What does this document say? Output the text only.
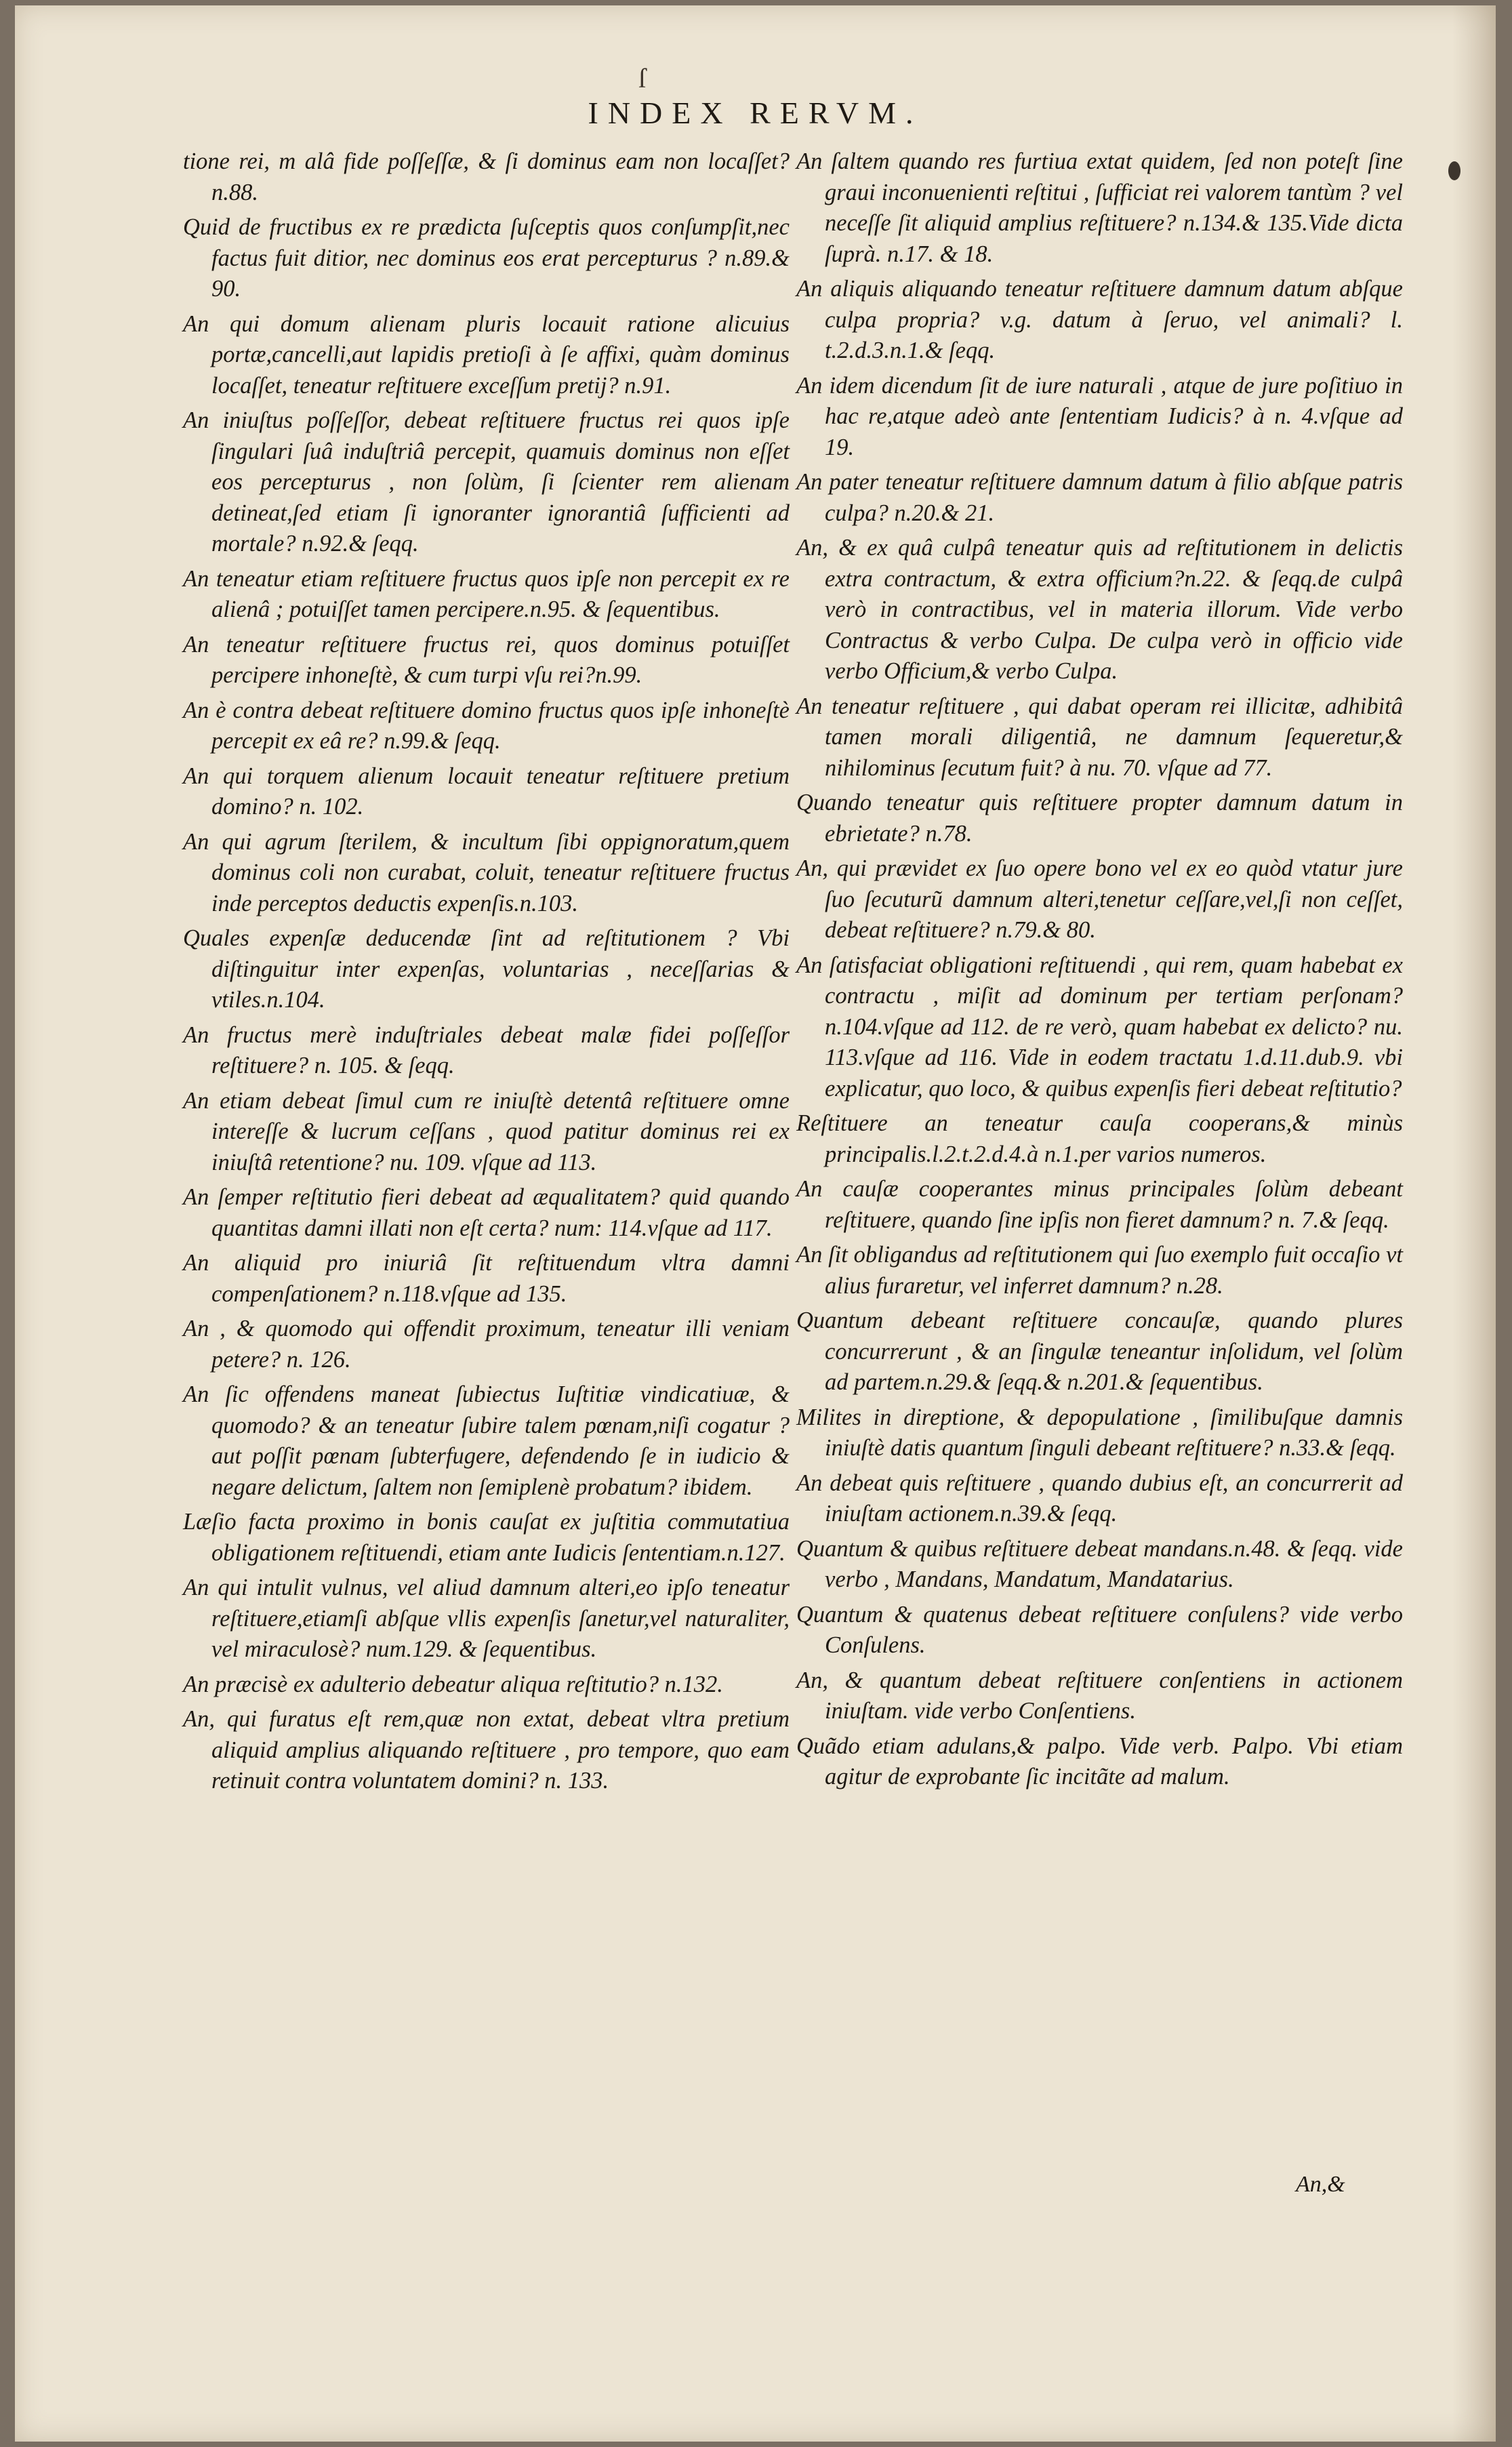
ſ
INDEX RERVM.

tione rei, m alâ fide poſſeſſæ, & ſi dominus eam non locaſſet? n.88.

Quid de fructibus ex re prædicta ſuſceptis quos conſumpſit,nec factus fuit ditior, nec dominus eos erat percepturus ? n.89.& 90.

An qui domum alienam pluris locauit ratione alicuius portæ,cancelli,aut lapidis pretioſi à ſe affixi, quàm dominus locaſſet, teneatur reſtituere exceſſum pretij? n.91.

An iniuſtus poſſeſſor, debeat reſtituere fructus rei quos ipſe ſingulari ſuâ induſtriâ percepit, quamuis dominus non eſſet eos percepturus , non ſolùm, ſi ſcienter rem alienam detineat,ſed etiam ſi ignoranter ignorantiâ ſufficienti ad mortale? n.92.& ſeqq.

An teneatur etiam reſtituere fructus quos ipſe non percepit ex re alienâ ; potuiſſet tamen percipere.n.95. & ſequentibus.

An teneatur reſtituere fructus rei, quos dominus potuiſſet percipere inhoneſtè, & cum turpi vſu rei?n.99.

An è contra debeat reſtituere domino fructus quos ipſe inhoneſtè percepit ex eâ re? n.99.& ſeqq.

An qui torquem alienum locauit teneatur reſtituere pretium domino? n. 102.

An qui agrum ſterilem, & incultum ſibi oppignoratum,quem dominus coli non curabat, coluit, teneatur reſtituere fructus inde perceptos deductis expenſis.n.103.

Quales expenſæ deducendæ ſint ad reſtitutionem ? Vbi diſtinguitur inter expenſas, voluntarias , neceſſarias & vtiles.n.104.

An fructus merè induſtriales debeat malæ fidei poſſeſſor reſtituere? n. 105. & ſeqq.

An etiam debeat ſimul cum re iniuſtè detentâ reſtituere omne intereſſe & lucrum ceſſans , quod patitur dominus rei ex iniuſtâ retentione? nu. 109. vſque ad 113.

An ſemper reſtitutio fieri debeat ad æqualitatem? quid quando quantitas damni illati non eſt certa? num: 114.vſque ad 117.

An aliquid pro iniuriâ ſit reſtituendum vltra damni compenſationem? n.118.vſque ad 135.

An , & quomodo qui offendit proximum, teneatur illi veniam petere? n. 126.

An ſic offendens maneat ſubiectus Iuſtitiæ vindicatiuæ, & quomodo? & an teneatur ſubire talem pœnam,niſi cogatur ? aut poſſit pœnam ſubterfugere, defendendo ſe in iudicio & negare delictum, ſaltem non ſemiplenè probatum? ibidem.

Læſio facta proximo in bonis cauſat ex juſtitia commutatiua obligationem reſtituendi, etiam ante Iudicis ſententiam.n.127.

An qui intulit vulnus, vel aliud damnum alteri,eo ipſo teneatur reſtituere,etiamſi abſque vllis expenſis ſanetur,vel naturaliter, vel miraculosè? num.129. & ſequentibus.

An præcisè ex adulterio debeatur aliqua reſtitutio? n.132.

An, qui furatus eſt rem,quæ non extat, debeat vltra pretium aliquid amplius aliquando reſtituere , pro tempore, quo eam retinuit contra voluntatem domini? n. 133.

An ſaltem quando res furtiua extat quidem, ſed non poteſt ſine graui inconuenienti reſtitui , ſufficiat rei valorem tantùm ? vel neceſſe ſit aliquid amplius reſtituere? n.134.& 135.Vide dicta ſuprà. n.17. & 18.

An aliquis aliquando teneatur reſtituere damnum datum abſque culpa propria? v.g. datum à ſeruo, vel animali? l. t.2.d.3.n.1.& ſeqq.

An idem dicendum ſit de iure naturali , atque de jure poſitiuo in hac re,atque adeò ante ſententiam Iudicis? à n. 4.vſque ad 19.

An pater teneatur reſtituere damnum datum à filio abſque patris culpa? n.20.& 21.

An, & ex quâ culpâ teneatur quis ad reſtitutionem in delictis extra contractum, & extra officium?n.22. & ſeqq.de culpâ verò in contractibus, vel in materia illorum. Vide verbo Contractus & verbo Culpa. De culpa verò in officio vide verbo Officium,& verbo Culpa.

An teneatur reſtituere , qui dabat operam rei illicitæ, adhibitâ tamen morali diligentiâ, ne damnum ſequeretur,& nihilominus ſecutum fuit? à nu. 70. vſque ad 77.

Quando teneatur quis reſtituere propter damnum datum in ebrietate? n.78.

An, qui prævidet ex ſuo opere bono vel ex eo quòd vtatur jure ſuo ſecuturũ damnum alteri,tenetur ceſſare,vel,ſi non ceſſet, debeat reſtituere? n.79.& 80.

An ſatisfaciat obligationi reſtituendi , qui rem, quam habebat ex contractu , miſit ad dominum per tertiam perſonam? n.104.vſque ad 112. de re verò, quam habebat ex delicto? nu. 113.vſque ad 116. Vide in eodem tractatu 1.d.11.dub.9. vbi explicatur, quo loco, & quibus expenſis fieri debeat reſtitutio?

Reſtituere an teneatur cauſa cooperans,& minùs principalis.l.2.t.2.d.4.à n.1.per varios numeros.

An cauſæ cooperantes minus principales ſolùm debeant reſtituere, quando ſine ipſis non fieret damnum? n. 7.& ſeqq.

An ſit obligandus ad reſtitutionem qui ſuo exemplo fuit occaſio vt alius furaretur, vel inferret damnum? n.28.

Quantum debeant reſtituere concauſæ, quando plures concurrerunt , & an ſingulæ teneantur inſolidum, vel ſolùm ad partem.n.29.& ſeqq.& n.201.& ſequentibus.

Milites in direptione, & depopulatione , ſimilibuſque damnis iniuſtè datis quantum ſinguli debeant reſtituere? n.33.& ſeqq.

An debeat quis reſtituere , quando dubius eſt, an concurrerit ad iniuſtam actionem.n.39.& ſeqq.

Quantum & quibus reſtituere debeat mandans.n.48. & ſeqq. vide verbo , Mandans, Mandatum, Mandatarius.

Quantum & quatenus debeat reſtituere conſulens? vide verbo Conſulens.

An, & quantum debeat reſtituere conſentiens in actionem iniuſtam. vide verbo Conſentiens.

Quãdo etiam adulans,& palpo. Vide verb. Palpo. Vbi etiam agitur de exprobante ſic incitãte ad malum.

An,&
